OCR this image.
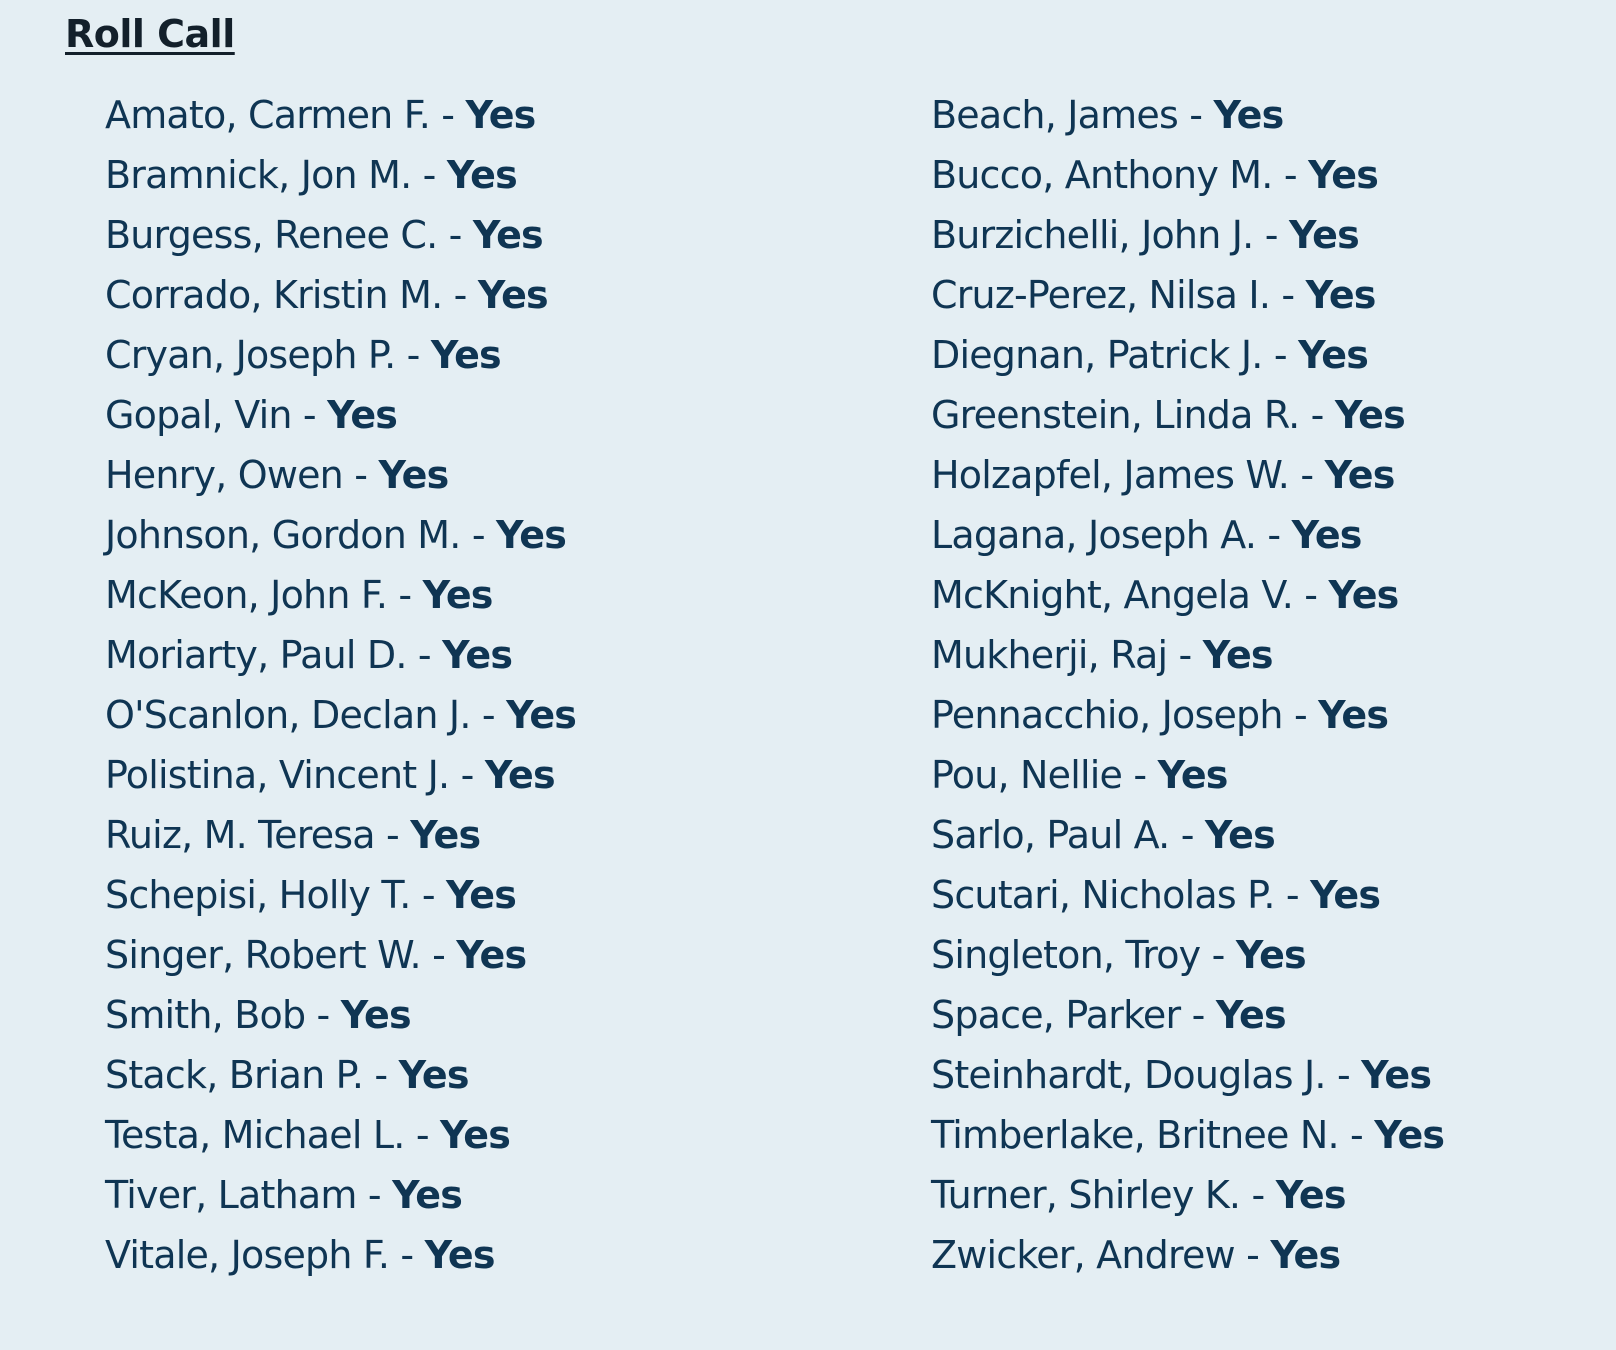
Roll Call
Amato, Carmen F. - Yes
Bramnick, Jon M. - Yes
Burgess, Renee C. - Yes
Corrado, Kristin M. - Yes
Cryan, Joseph P. - Yes
Gopal, Vin - Yes
Henry, Owen - Yes
Johnson, Gordon M. - Yes
McKeon, John F. - Yes
Moriarty, Paul D. - Yes
O'Scanlon, Declan J. - Yes
Polistina, Vincent J. - Yes
Ruiz, M. Teresa - Yes
Schepisi, Holly T. - Yes
Singer, Robert W. - Yes
Smith, Bob - Yes
Stack, Brian P. - Yes
Testa, Michael L. - Yes
Tiver, Latham - Yes
Vitale, Joseph F. - Yes
Beach, James - Yes
Bucco, Anthony M. - Yes
Burzichelli, John J. - Yes
Cruz-Perez, Nilsa I. - Yes
Diegnan, Patrick J. - Yes
Greenstein, Linda R. - Yes
Holzapfel, James W. - Yes
Lagana, Joseph A. - Yes
McKnight, Angela V. - Yes
Mukherji, Raj - Yes
Pennacchio, Joseph - Yes
Pou, Nellie - Yes
Sarlo, Paul A. - Yes
Scutari, Nicholas P. - Yes
Singleton, Troy - Yes
Space, Parker - Yes
Steinhardt, Douglas J. - Yes
Timberlake, Britnee N. - Yes
Turner, Shirley K. - Yes
Zwicker, Andrew - Yes
